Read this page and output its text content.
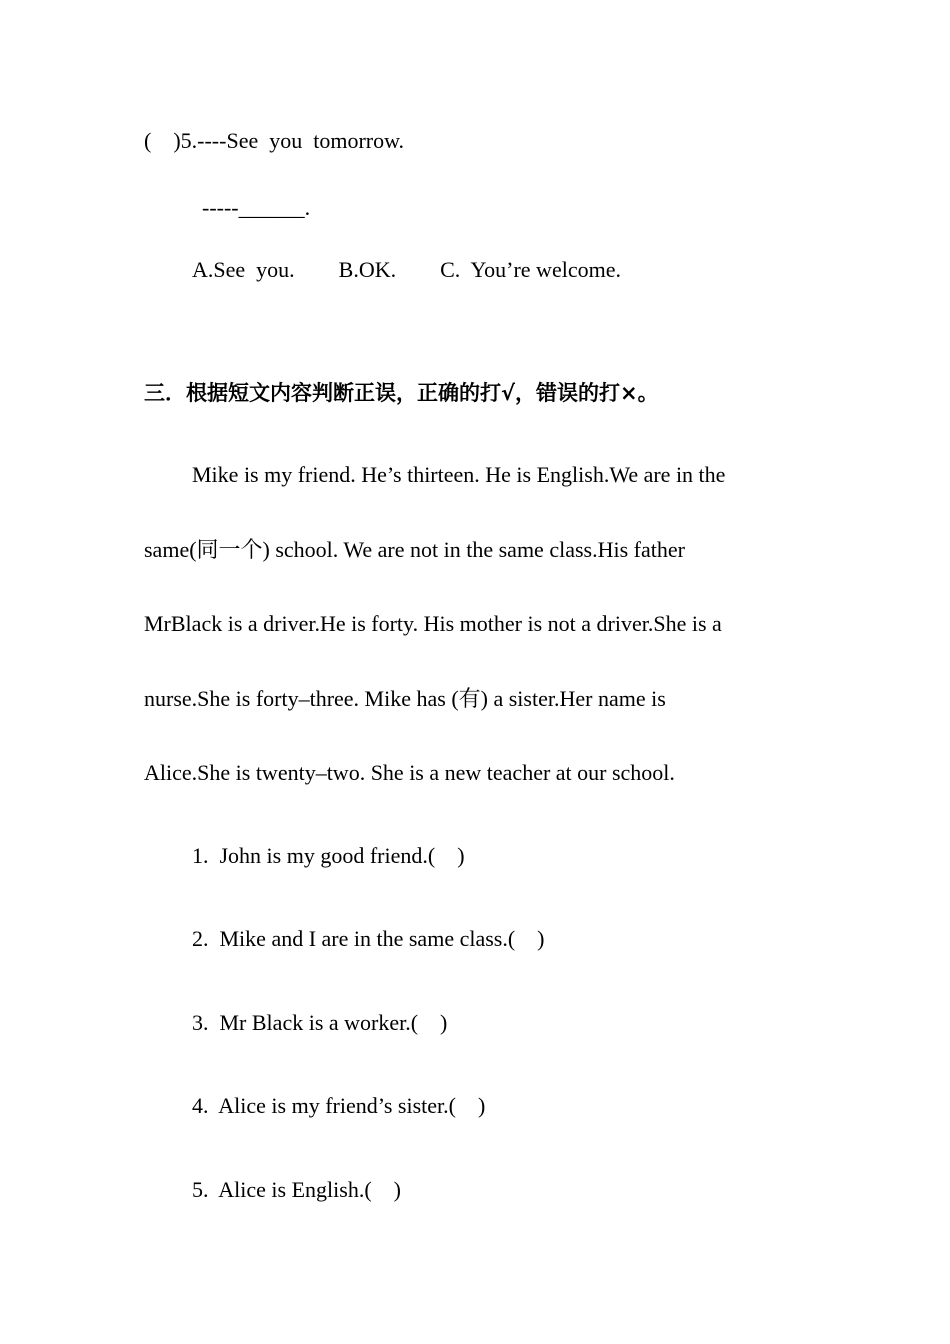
(    )5.----See  you  tomorrow.
-----______.
A.See  you.        B.OK.        C.  You’re welcome.
三．根据短文内容判断正误，正确的打√，错误的打×。
Mike is my friend. He’s thirteen. He is English.We are in the
same(同一个) school. We are not in the same class.His father
MrBlack is a driver.He is forty. His mother is not a driver.She is a
nurse.She is forty–three. Mike has (有) a sister.Her name is
Alice.She is twenty–two. She is a new teacher at our school.
1.  John is my good friend.(    )
2.  Mike and I are in the same class.(    )
3.  Mr Black is a worker.(    )
4.  Alice is my friend’s sister.(    )
5.  Alice is English.(    )
